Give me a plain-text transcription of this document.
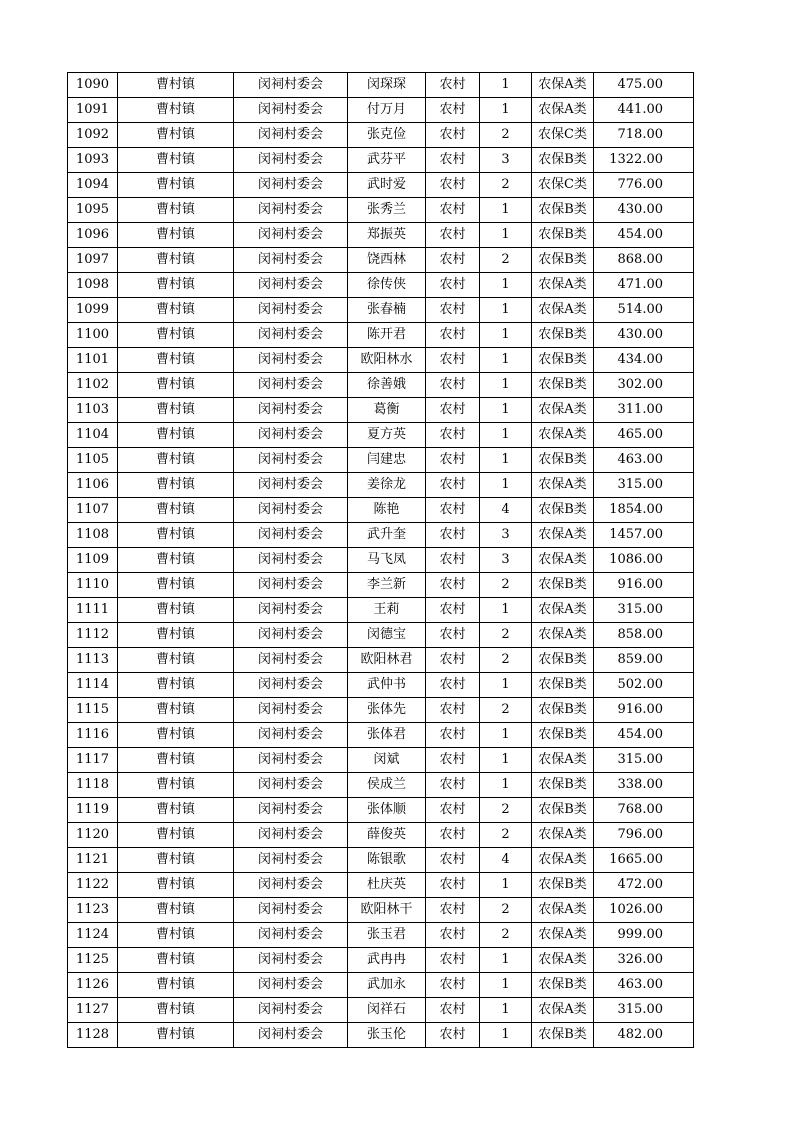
1090	曹村镇	闵祠村委会	闵琛琛	农村	1	农保A类	475.00
1091	曹村镇	闵祠村委会	付万月	农村	1	农保A类	441.00
1092	曹村镇	闵祠村委会	张克俭	农村	2	农保C类	718.00
1093	曹村镇	闵祠村委会	武芬平	农村	3	农保B类	1322.00
1094	曹村镇	闵祠村委会	武时爱	农村	2	农保C类	776.00
1095	曹村镇	闵祠村委会	张秀兰	农村	1	农保B类	430.00
1096	曹村镇	闵祠村委会	郑振英	农村	1	农保B类	454.00
1097	曹村镇	闵祠村委会	饶西林	农村	2	农保B类	868.00
1098	曹村镇	闵祠村委会	徐传侠	农村	1	农保A类	471.00
1099	曹村镇	闵祠村委会	张春楠	农村	1	农保A类	514.00
1100	曹村镇	闵祠村委会	陈开君	农村	1	农保B类	430.00
1101	曹村镇	闵祠村委会	欧阳林水	农村	1	农保B类	434.00
1102	曹村镇	闵祠村委会	徐善娥	农村	1	农保B类	302.00
1103	曹村镇	闵祠村委会	葛衡	农村	1	农保A类	311.00
1104	曹村镇	闵祠村委会	夏方英	农村	1	农保A类	465.00
1105	曹村镇	闵祠村委会	闫建忠	农村	1	农保B类	463.00
1106	曹村镇	闵祠村委会	姜徐龙	农村	1	农保A类	315.00
1107	曹村镇	闵祠村委会	陈艳	农村	4	农保B类	1854.00
1108	曹村镇	闵祠村委会	武升奎	农村	3	农保A类	1457.00
1109	曹村镇	闵祠村委会	马飞凤	农村	3	农保A类	1086.00
1110	曹村镇	闵祠村委会	李兰新	农村	2	农保B类	916.00
1111	曹村镇	闵祠村委会	王莉	农村	1	农保A类	315.00
1112	曹村镇	闵祠村委会	闵德宝	农村	2	农保A类	858.00
1113	曹村镇	闵祠村委会	欧阳林君	农村	2	农保B类	859.00
1114	曹村镇	闵祠村委会	武仲书	农村	1	农保B类	502.00
1115	曹村镇	闵祠村委会	张体先	农村	2	农保B类	916.00
1116	曹村镇	闵祠村委会	张体君	农村	1	农保B类	454.00
1117	曹村镇	闵祠村委会	闵斌	农村	1	农保A类	315.00
1118	曹村镇	闵祠村委会	侯成兰	农村	1	农保B类	338.00
1119	曹村镇	闵祠村委会	张体顺	农村	2	农保B类	768.00
1120	曹村镇	闵祠村委会	薛俊英	农村	2	农保A类	796.00
1121	曹村镇	闵祠村委会	陈银歌	农村	4	农保A类	1665.00
1122	曹村镇	闵祠村委会	杜庆英	农村	1	农保B类	472.00
1123	曹村镇	闵祠村委会	欧阳林干	农村	2	农保A类	1026.00
1124	曹村镇	闵祠村委会	张玉君	农村	2	农保A类	999.00
1125	曹村镇	闵祠村委会	武冉冉	农村	1	农保A类	326.00
1126	曹村镇	闵祠村委会	武加永	农村	1	农保B类	463.00
1127	曹村镇	闵祠村委会	闵祥石	农村	1	农保A类	315.00
1128	曹村镇	闵祠村委会	张玉伦	农村	1	农保B类	482.00
